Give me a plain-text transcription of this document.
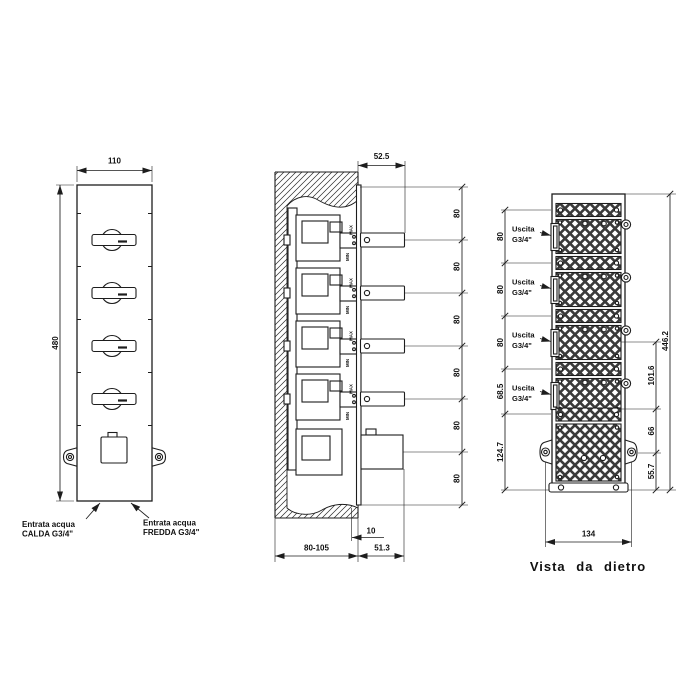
110
480
Entrata acqua
CALDA G3/4"
Entrata acqua
FREDDA G3/4"
MAX
MIN
MAX
MIN
MAX
MIN
MAX
MIN
52.5
80
80
80
80
80
80
80-105	51.3
10
Uscita
G3/4"
Uscita
G3/4"
Uscita
G3/4"
Uscita
G3/4"
80
80
80
68.5
124.7
101.6
66
55.7
446.2
134
Vista da dietro
